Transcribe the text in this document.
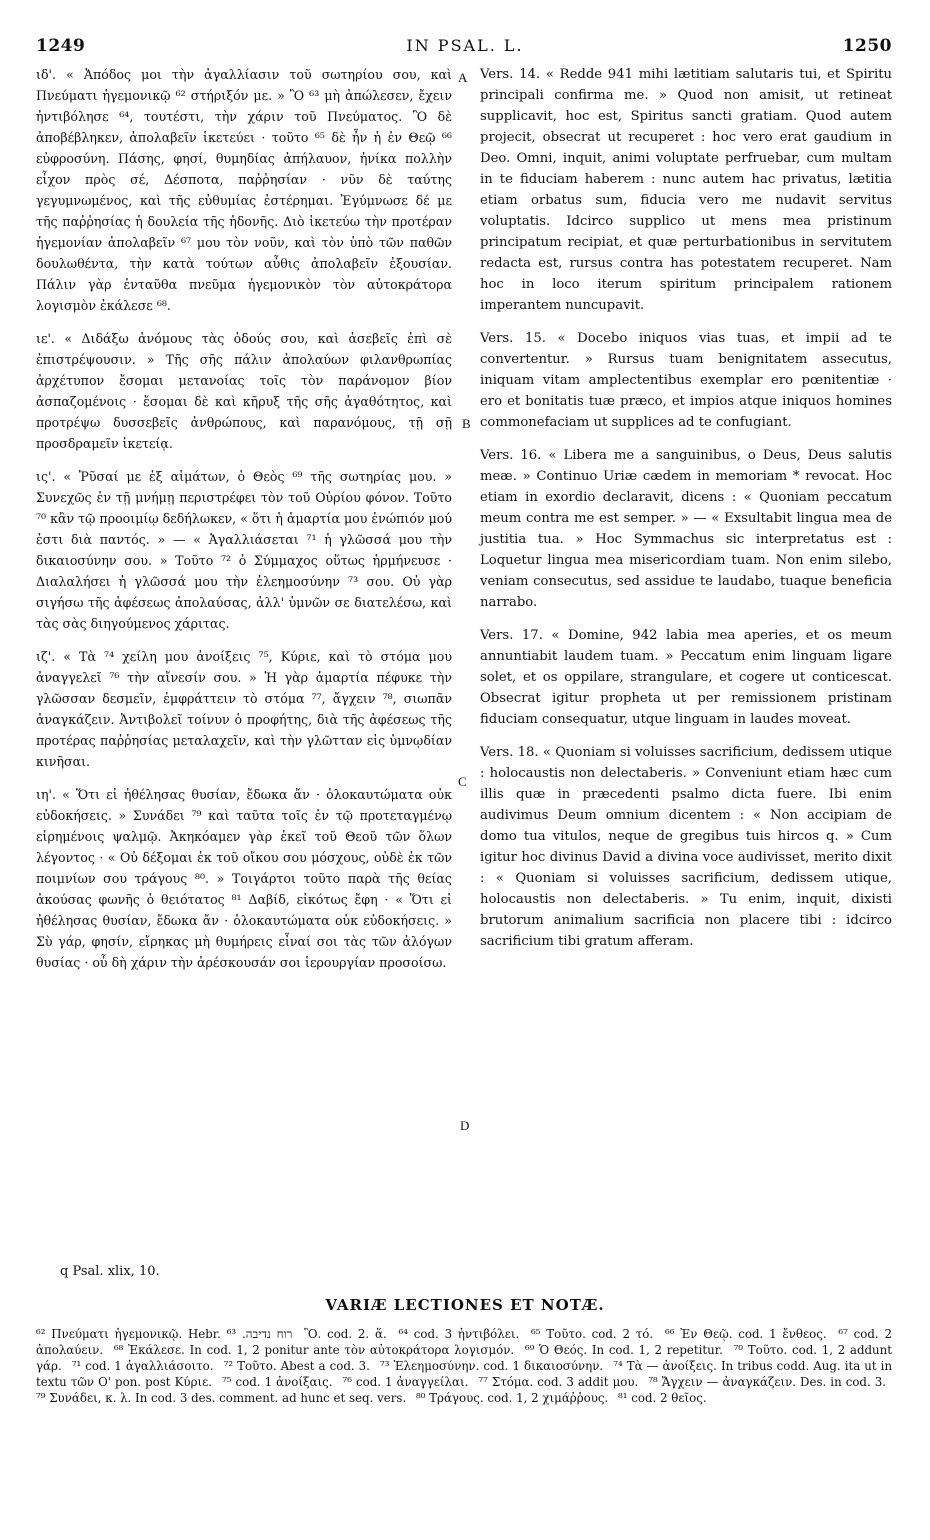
1249	IN PSAL. L.	1250

ιδ'. « Ἀπόδος μοι τὴν ἀγαλλίασιν τοῦ σωτηρίου σου, καὶ Πνεύματι ἡγεμονικῷ ⁶² στήριξόν με. » Ὃ ⁶³ μὴ ἀπώλεσεν, ἔχειν ἠντιβόλησε ⁶⁴, τουτέστι, τὴν χάριν τοῦ Πνεύματος. Ὃ δὲ ἀποβέβληκεν, ἀπολαβεῖν ἱκετεύει · τοῦτο ⁶⁵ δὲ ἦν ἡ ἐν Θεῷ ⁶⁶ εὐφροσύνη. Πάσης, φησί, θυμηδίας ἀπήλαυον, ἡνίκα πολλὴν εἶχον πρὸς σέ, Δέσποτα, παῤῥησίαν · νῦν δὲ ταύτης γεγυμνωμένος, καὶ τῆς εὐθυμίας ἐστέρημαι. Ἐγύμνωσε δέ με τῆς παῤῥησίας ἡ δουλεία τῆς ἡδονῆς. Διὸ ἱκετεύω τὴν προτέραν ἡγεμονίαν ἀπολαβεῖν ⁶⁷ μου τὸν νοῦν, καὶ τὸν ὑπὸ τῶν παθῶν δουλωθέντα, τὴν κατὰ τούτων αὖθις ἀπολαβεῖν ἐξουσίαν. Πάλιν γὰρ ἐνταῦθα πνεῦμα ἡγεμονικὸν τὸν αὐτοκράτορα λογισμὸν ἐκάλεσε ⁶⁸.

ιε'. « Διδάξω ἀνόμους τὰς ὁδούς σου, καὶ ἀσεβεῖς ἐπὶ σὲ ἐπιστρέψουσιν. » Τῆς σῆς πάλιν ἀπολαύων φιλανθρωπίας ἀρχέτυπον ἔσομαι μετανοίας τοῖς τὸν παράνομον βίον ἀσπαζομένοις · ἔσομαι δὲ καὶ κῆρυξ τῆς σῆς ἀγαθότητος, καὶ προτρέψω δυσσεβεῖς ἀνθρώπους, καὶ παρανόμους, τῇ σῇ προσδραμεῖν ἱκετείᾳ.

ις'. « Ῥῦσαί με ἐξ αἱμάτων, ὁ Θεὸς ⁶⁹ τῆς σωτηρίας μου. » Συνεχῶς ἐν τῇ μνήμῃ περιστρέφει τὸν τοῦ Οὐρίου φόνον. Τοῦτο ⁷⁰ κἂν τῷ προοιμίῳ δεδήλωκεν, « ὅτι ἡ ἁμαρτία μου ἐνώπιόν μού ἐστι διὰ παντός. » — « Ἀγαλλιάσεται ⁷¹ ἡ γλῶσσά μου τὴν δικαιοσύνην σου. » Τοῦτο ⁷² ὁ Σύμμαχος οὕτως ἡρμήνευσε · Διαλαλήσει ἡ γλῶσσά μου τὴν ἐλεημοσύνην ⁷³ σου. Οὐ γὰρ σιγήσω τῆς ἀφέσεως ἀπολαύσας, ἀλλ' ὑμνῶν σε διατελέσω, καὶ τὰς σὰς διηγούμενος χάριτας.

ιζ'. « Τὰ ⁷⁴ χείλη μου ἀνοίξεις ⁷⁵, Κύριε, καὶ τὸ στόμα μου ἀναγγελεῖ ⁷⁶ τὴν αἴνεσίν σου. » Ἡ γὰρ ἁμαρτία πέφυκε τὴν γλῶσσαν δεσμεῖν, ἐμφράττειν τὸ στόμα ⁷⁷, ἄγχειν ⁷⁸, σιωπᾶν ἀναγκάζειν. Ἀντιβολεῖ τοίνυν ὁ προφήτης, διὰ τῆς ἀφέσεως τῆς προτέρας παῤῥησίας μεταλαχεῖν, καὶ τὴν γλῶτταν εἰς ὑμνῳδίαν κινῆσαι.

ιη'. « Ὅτι εἰ ἠθέλησας θυσίαν, ἔδωκα ἄν · ὁλοκαυτώματα οὐκ εὐδοκήσεις. » Συνάδει ⁷⁹ καὶ ταῦτα τοῖς ἐν τῷ προτεταγμένῳ εἰρημένοις ψαλμῷ. Ἀκηκόαμεν γὰρ ἐκεῖ τοῦ Θεοῦ τῶν ὅλων λέγοντος · « Οὐ δέξομαι ἐκ τοῦ οἴκου σου μόσχους, οὐδὲ ἐκ τῶν ποιμνίων σου τράγους ⁸⁰. » Τοιγάρτοι τοῦτο παρὰ τῆς θείας ἀκούσας φωνῆς ὁ θειότατος ⁸¹ Δαβίδ, εἰκότως ἔφη · « Ὅτι εἰ ἠθέλησας θυσίαν, ἔδωκα ἄν · ὁλοκαυτώματα οὐκ εὐδοκήσεις. » Σὺ γάρ, φησίν, εἴρηκας μὴ θυμήρεις εἶναί σοι τὰς τῶν ἀλόγων θυσίας · οὗ δὴ χάριν τὴν ἀρέσκουσάν σοι ἱερουργίαν προσοίσω.

A
B
C
D

Vers. 14. « Redde 941 mihi lætitiam salutaris tui, et Spiritu principali confirma me. » Quod non amisit, ut retineat supplicavit, hoc est, Spiritus sancti gratiam. Quod autem projecit, obsecrat ut recuperet : hoc vero erat gaudium in Deo. Omni, inquit, animi voluptate perfruebar, cum multam in te fiduciam haberem : nunc autem hac privatus, lætitia etiam orbatus sum, fiducia vero me nudavit servitus voluptatis. Idcirco supplico ut mens mea pristinum principatum recipiat, et quæ perturbationibus in servitutem redacta est, rursus contra has potestatem recuperet. Nam hoc in loco iterum spiritum principalem rationem imperantem nuncupavit.

Vers. 15. « Docebo iniquos vias tuas, et impii ad te convertentur. » Rursus tuam benignitatem assecutus, iniquam vitam amplectentibus exemplar ero pœnitentiæ · ero et bonitatis tuæ præco, et impios atque iniquos homines commonefaciam ut supplices ad te confugiant.

Vers. 16. « Libera me a sanguinibus, o Deus, Deus salutis meæ. » Continuo Uriæ cædem in memoriam * revocat. Hoc etiam in exordio declaravit, dicens : « Quoniam peccatum meum contra me est semper. » — « Exsultabit lingua mea de justitia tua. » Hoc Symmachus sic interpretatus est : Loquetur lingua mea misericordiam tuam. Non enim silebo, veniam consecutus, sed assidue te laudabo, tuaque beneficia narrabo.

Vers. 17. « Domine, 942 labia mea aperies, et os meum annuntiabit laudem tuam. » Peccatum enim linguam ligare solet, et os oppilare, strangulare, et cogere ut conticescat. Obsecrat igitur propheta ut per remissionem pristinam fiduciam consequatur, utque linguam in laudes moveat.

Vers. 18. « Quoniam si voluisses sacrificium, dedissem utique : holocaustis non delectaberis. » Conveniunt etiam hæc cum illis quæ in præcedenti psalmo dicta fuere. Ibi enim audivimus Deum omnium dicentem : « Non accipiam de domo tua vitulos, neque de gregibus tuis hircos q. » Cum igitur hoc divinus David a divina voce audivisset, merito dixit : « Quoniam si voluisses sacrificium, dedissem utique, holocaustis non delectaberis. » Tu enim, inquit, dixisti brutorum animalium sacrificia non placere tibi : idcirco sacrificium tibi gratum afferam.

q Psal. xlix, 10.
VARIÆ LECTIONES ET NOTÆ.
⁶² Πνεύματι ἡγεμονικῷ. Hebr. רוח נדיבה. ⁶³ Ὃ. cod. 2. ἅ. ⁶⁴ cod. 3 ἠντιβόλει. ⁶⁵ Τοῦτο. cod. 2 τό. ⁶⁶ Ἐν Θεῷ. cod. 1 ἔνθεος. ⁶⁷ cod. 2 ἀπολαύειν. ⁶⁸ Ἐκάλεσε. In cod. 1, 2 ponitur ante τὸν αὐτοκράτορα λογισμόν. ⁶⁹ Ὁ Θεός. In cod. 1, 2 repetitur. ⁷⁰ Τοῦτο. cod. 1, 2 addunt γάρ. ⁷¹ cod. 1 ἀγαλλιάσοιτο. ⁷² Τοῦτο. Abest a cod. 3. ⁷³ Ἐλεημοσύνην. cod. 1 δικαιοσύνην. ⁷⁴ Τὰ — ἀνοίξεις. In tribus codd. Aug. ita ut in textu τῶν Ο' pon. post Κύριε. ⁷⁵ cod. 1 ἀνοίξαις. ⁷⁶ cod. 1 ἀναγγείλαι. ⁷⁷ Στόμα. cod. 3 addit μου. ⁷⁸ Ἄγχειν — ἀναγκάζειν. Des. in cod. 3. ⁷⁹ Συνάδει, κ. λ. In cod. 3 des. comment. ad hunc et seq. vers. ⁸⁰ Τράγους. cod. 1, 2 χιμάῤῥους. ⁸¹ cod. 2 θεῖος.
